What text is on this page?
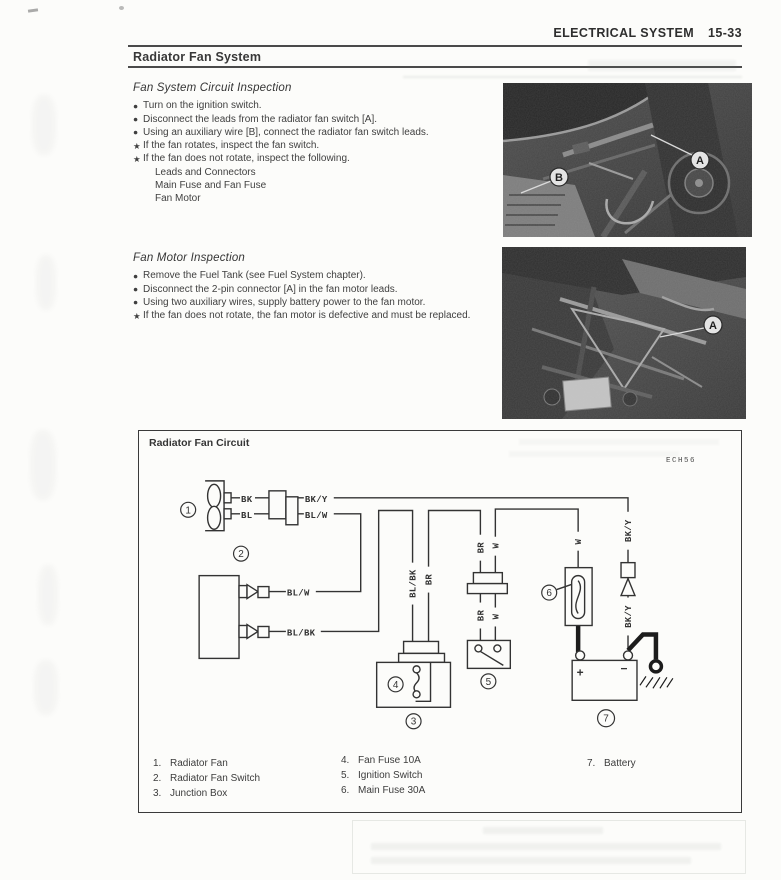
ELECTRICAL SYSTEM 15-33
Radiator Fan System
Fan System Circuit Inspection
● Turn on the ignition switch.
● Disconnect the leads from the radiator fan switch [A].
● Using an auxiliary wire [B], connect the radiator fan switch leads.
★ If the fan rotates, inspect the fan switch.
★ If the fan does not rotate, inspect the following.
Leads and Connectors
Main Fuse and Fan Fuse
Fan Motor
Fan Motor Inspection
● Remove the Fuel Tank (see Fuel System chapter).
● Disconnect the 2-pin connector [A] in the fan motor leads.
● Using two auxiliary wires, supply battery power to the fan motor.
★ If the fan does not rotate, the fan motor is defective and must be replaced.
Radiator Fan Circuit
ECH56
+	−
BK
BL
BK/Y
BL/W
BL/W
BL/BK
BK/Y
BK/Y
BL/BK BR
BR W
BR W
W
1
2
3
4	5
6
7
1. Radiator Fan
2. Radiator Fan Switch
3. Junction Box
4. Fan Fuse 10A
5. Ignition Switch
6. Main Fuse 30A
7. Battery
